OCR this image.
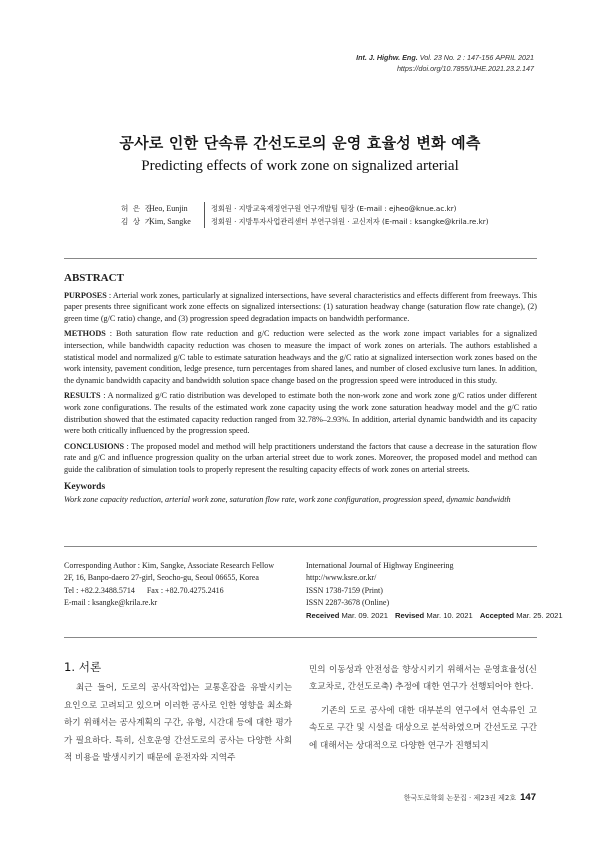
Int. J. Highw. Eng. Vol. 23 No. 2 : 147-156 APRIL 2021
https://doi.org/10.7855/IJHE.2021.23.2.147
공사로 인한 단속류 간선도로의 운영 효율성 변화 예측
Predicting effects of work zone on signalized arterial
허 은 진
Heo, Eunjin	정회원 · 지방교육재정연구원 연구개발팀 팀장 (E-mail : ejheo@knue.ac.kr)
김 상 기
Kim, Sangke	정회원 · 지방투자사업관리센터 부연구위원 · 교신저자 (E-mail : ksangke@krila.re.kr)
ABSTRACT

PURPOSES : Arterial work zones, particularly at signalized intersections, have several characteristics and effects different from freeways. This paper presents three significant work zone effects on signalized intersections: (1) saturation headway change (saturation flow rate change), (2) green time (g/C ratio) change, and (3) progression speed degradation impacts on bandwidth performance.

METHODS : Both saturation flow rate reduction and g/C reduction were selected as the work zone impact variables for a signalized intersection, while bandwidth capacity reduction was chosen to measure the impact of work zones on arterials. The authors established a statistical model and normalized g/C table to estimate saturation headways and the g/C ratio at signalized intersection work zones based on the work intensity, pavement condition, ledge presence, turn percentages from shared lanes, and number of closed exclusive turn lanes. In addition, the dynamic bandwidth capacity and bandwidth solution space change based on the progression speed were introduced in this study.

RESULTS : A normalized g/C ratio distribution was developed to estimate both the non-work zone and work zone g/C ratios under different work zone configurations. The results of the estimated work zone capacity using the work zone saturation headway model and the g/C ratio distribution showed that the estimated capacity reduction ranged from 32.78%–2.93%. In addition, arterial dynamic bandwidth and its capacity were both critically influenced by the progression speed.

CONCLUSIONS : The proposed model and method will help practitioners understand the factors that cause a decrease in the saturation flow rate and g/C and influence progression quality on the urban arterial street due to work zones. Moreover, the proposed model and method can guide the calibration of simulation tools to properly represent the resulting capacity effects of work zones on arterial streets.

Keywords

Work zone capacity reduction, arterial work zone, saturation flow rate, work zone configuration, progression speed, dynamic bandwidth

Corresponding Author : Kim, Sangke, Associate Research Fellow
2F, 16, Banpo-daero 27-girl, Seocho-gu, Seoul 06655, Korea
Tel : +82.2.3488.5714      Fax : +82.70.4275.2416
E-mail : ksangke@krila.re.kr
International Journal of Highway Engineering
http://www.ksre.or.kr/
ISSN 1738-7159 (Print)
ISSN 2287-3678 (Online)
Received Mar. 09. 2021 Revised Mar. 10. 2021 Accepted Mar. 25. 2021
1. 서론

최근 들어, 도로의 공사(작업)는 교통혼잡을 유발시키는 요인으로 고려되고 있으며 이러한 공사로 인한 영향을 최소화하기 위해서는 공사계획의 구간, 유형, 시간대 등에 대한 평가가 필요하다. 특히, 신호운영 간선도로의 공사는 다양한 사회적 비용을 발생시키기 때문에 운전자와 지역주

민의 이동성과 안전성을 향상시키기 위해서는 운영효율성(신호교차로, 간선도로축) 추정에 대한 연구가 선행되어야 한다.

기존의 도로 공사에 대한 대부분의 연구에서 연속류인 고속도로 구간 및 시설을 대상으로 분석하였으며 간선도로 구간에 대해서는 상대적으로 다양한 연구가 진행되지

한국도로학회 논문집 · 제23권 제2호 147
